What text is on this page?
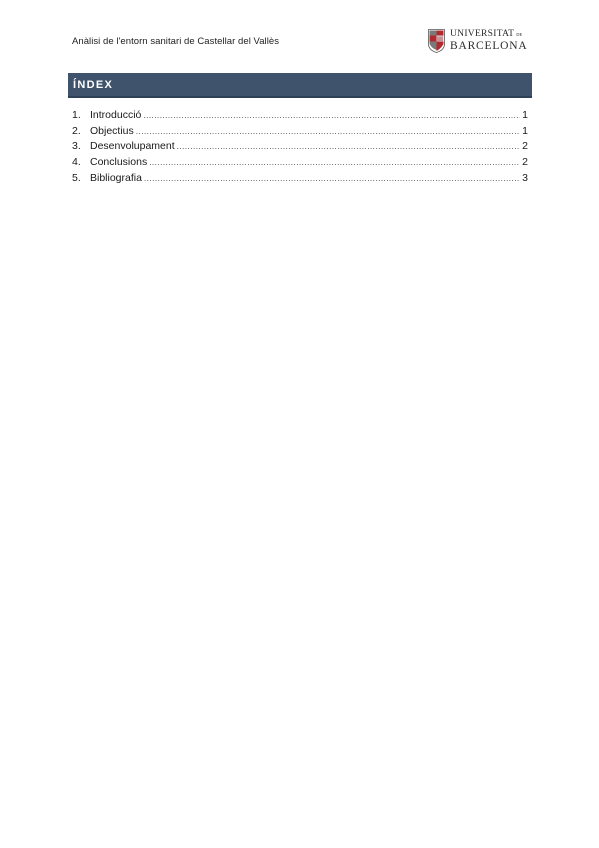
Anàlisi de l'entorn sanitari de Castellar del Vallès
UNIVERSITAT DE
BARCELONA
ÍNDEX
1. Introducció .....	1
2. Objectius .....	1
3. Desenvolupament .....	2
4. Conclusions .....	2
5. Bibliografia .....	3
